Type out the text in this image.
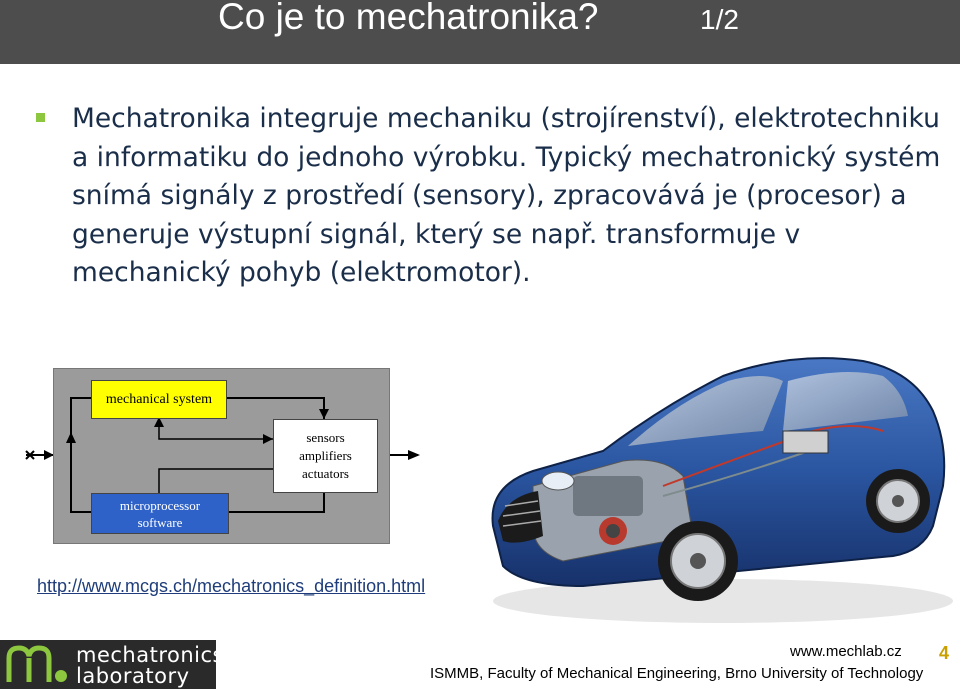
Co je to mechatronika?	1/2
Mechatronika integruje mechaniku (strojírenství), elektrotechniku
a informatiku do jednoho výrobku. Typický mechatronický systém
snímá signály z prostředí (sensory), zpracovává je (procesor) a
generuje výstupní signál, který se např. transformuje v
mechanický pohyb (elektromotor).
mechanical system
sensors
amplifiers
actuators
microprocessor
software
http://www.mcgs.ch/mechatronics_definition.html
mechatronics
laboratory
www.mechlab.cz
ISMMB, Faculty of Mechanical Engineering, Brno University of Technology
4
